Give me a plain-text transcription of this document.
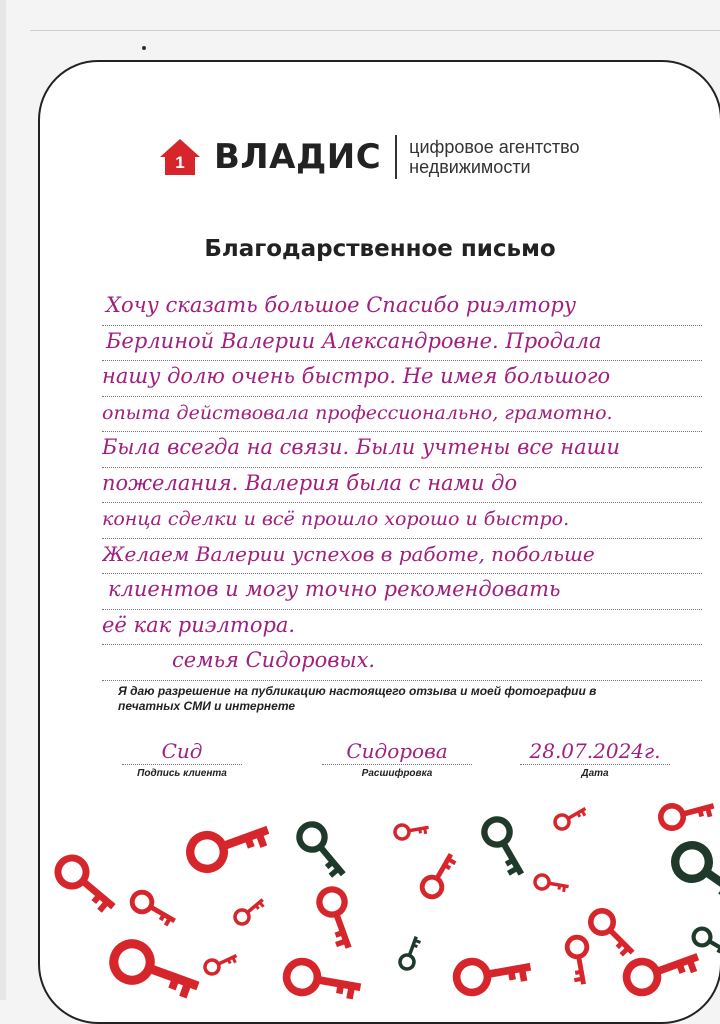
1 ВЛАДИС цифровое агентство
недвижимости
Благодарственное письмо
Хочу сказать большое Спасибо риэлтору
Берлиной Валерии Александровне. Продала
нашу долю очень быстро. Не имея большого
опыта действовала профессионально, грамотно.
Была всегда на связи. Были учтены все наши
пожелания. Валерия была с нами до
конца сделки и всё прошло хорошо и быстро.
Желаем Валерии успехов в работе, побольше
клиентов и могу точно рекомендовать
её как риэлтора.
семья Сидоровых.
Я даю разрешение на публикацию настоящего отзыва и моей фотографии в печатных СМИ и интернете
Сид
Подпись клиента
Сидорова
Расшифровка
28.07.2024г.
Дата
